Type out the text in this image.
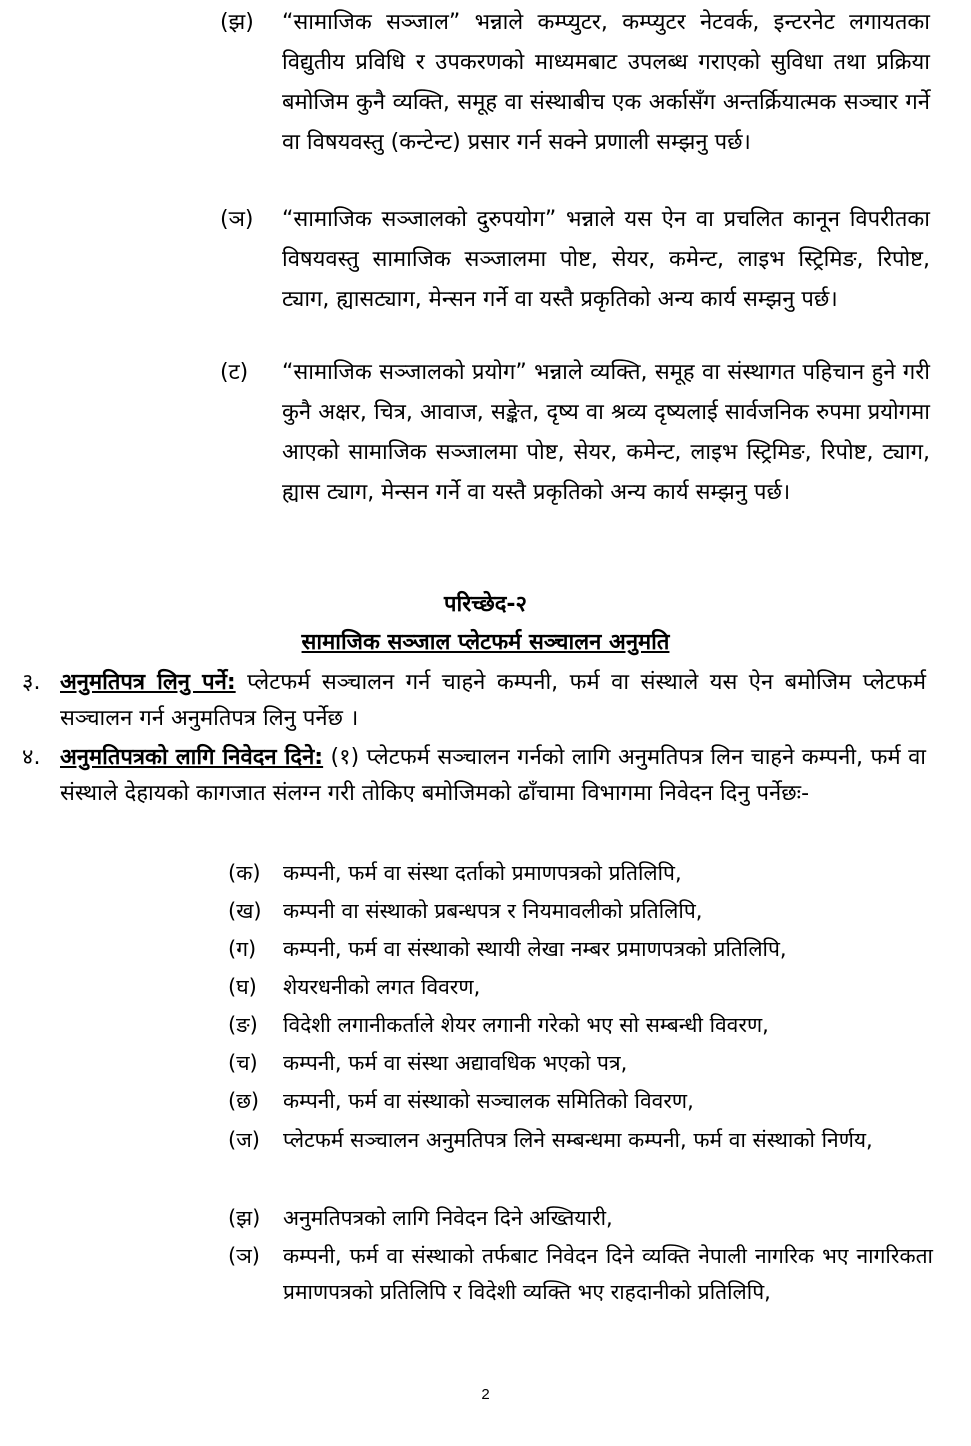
(झ) “सामाजिक सञ्जाल” भन्नाले कम्प्युटर, कम्प्युटर नेटवर्क, इन्टरनेट लगायतका विद्युतीय प्रविधि र उपकरणको माध्यमबाट उपलब्ध गराएको सुविधा तथा प्रक्रिया बमोजिम कुनै व्यक्ति, समूह वा संस्थाबीच एक अर्कासँग अन्तर्क्रियात्मक सञ्चार गर्ने वा विषयवस्तु (कन्टेन्ट) प्रसार गर्न सक्ने प्रणाली सम्झनु पर्छ।
(ञ) “सामाजिक सञ्जालको दुरुपयोग” भन्नाले यस ऐन वा प्रचलित कानून विपरीतका विषयवस्तु सामाजिक सञ्जालमा पोष्ट, सेयर, कमेन्ट, लाइभ स्ट्रिमिङ, रिपोष्ट, ट्याग, ह्यासट्याग, मेन्सन गर्ने वा यस्तै प्रकृतिको अन्य कार्य सम्झनु पर्छ।
(ट) “सामाजिक सञ्जालको प्रयोग” भन्नाले व्यक्ति, समूह वा संस्थागत पहिचान हुने गरी कुनै अक्षर, चित्र, आवाज, सङ्केत, दृष्य वा श्रव्य दृष्यलाई सार्वजनिक रुपमा प्रयोगमा आएको सामाजिक सञ्जालमा पोष्ट, सेयर, कमेन्ट, लाइभ स्ट्रिमिङ, रिपोष्ट, ट्याग, ह्यास ट्याग, मेन्सन गर्ने वा यस्तै प्रकृतिको अन्य कार्य सम्झनु पर्छ।
परिच्छेद-२
सामाजिक सञ्जाल प्लेटफर्म सञ्चालन अनुमति
३. अनुमतिपत्र लिनु पर्ने: प्लेटफर्म सञ्चालन गर्न चाहने कम्पनी, फर्म वा संस्थाले यस ऐन बमोजिम प्लेटफर्म सञ्चालन गर्न अनुमतिपत्र लिनु पर्नेछ ।
४. अनुमतिपत्रको लागि निवेदन दिने: (१) प्लेटफर्म सञ्चालन गर्नको लागि अनुमतिपत्र लिन चाहने कम्पनी, फर्म वा संस्थाले देहायको कागजात संलग्न गरी तोकिए बमोजिमको ढाँचामा विभागमा निवेदन दिनु पर्नेछः-
(क) कम्पनी, फर्म वा संस्था दर्ताको प्रमाणपत्रको प्रतिलिपि,
(ख) कम्पनी वा संस्थाको प्रबन्धपत्र र नियमावलीको प्रतिलिपि,
(ग) कम्पनी, फर्म वा संस्थाको स्थायी लेखा नम्बर प्रमाणपत्रको प्रतिलिपि,
(घ) शेयरधनीको लगत विवरण,
(ङ) विदेशी लगानीकर्ताले शेयर लगानी गरेको भए सो सम्बन्धी विवरण,
(च) कम्पनी, फर्म वा संस्था अद्यावधिक भएको पत्र,
(छ) कम्पनी, फर्म वा संस्थाको सञ्चालक समितिको विवरण,
(ज) प्लेटफर्म सञ्चालन अनुमतिपत्र लिने सम्बन्धमा कम्पनी, फर्म वा संस्थाको निर्णय,
(झ) अनुमतिपत्रको लागि निवेदन दिने अख्तियारी,
(ञ) कम्पनी, फर्म वा संस्थाको तर्फबाट निवेदन दिने व्यक्ति नेपाली नागरिक भए नागरिकता प्रमाणपत्रको प्रतिलिपि र विदेशी व्यक्ति भए राहदानीको प्रतिलिपि,
2
